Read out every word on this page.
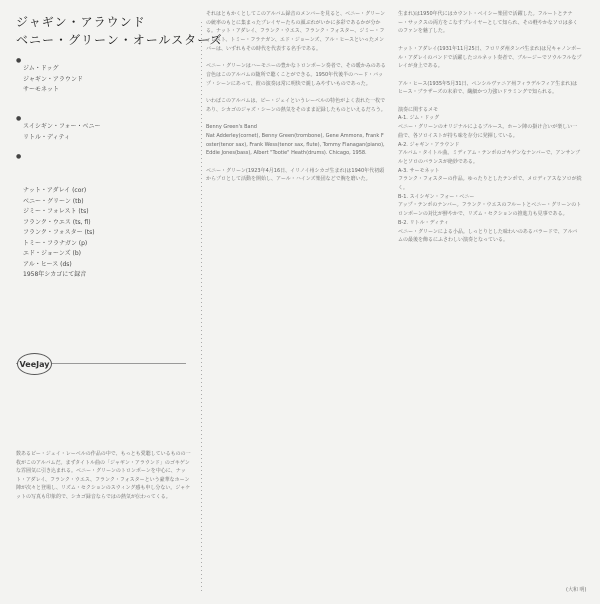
ジャギン・アラウンド
ベニー・グリーン・オールスターズ
●
ジム・ドッグ
ジャギン・アラウンド
サーモネット
●
スイシギン・フォー・ベニー
リトル・ディティ
●
ナット・アダレイ (cor)
ベニー・グリーン (tb)
ジミー・フォレスト (ts)
フランク・ウエス (ts, fl)
フランク・フォスター (ts)
トミー・フラナガン (p)
エド・ジョーンズ (b)
アル・ヒース (ds)
1958年シカゴにて録音
VeeJay
数あるビー・ジェイ・レーベルの作品の中で、もっとも愛聴しているものの一枚がこのアルバムだ。まずタイトル曲の「ジャギン・アラウンド」のゴキゲンな雰囲気に引き込まれる。ベニー・グリーンのトロンボーンを中心に、ナット・アダレイ、フランク・ウエス、フランク・フォスターという豪華なホーン陣が次々と登場し、リズム・セクションのスウィング感も申し分ない。ジャケットの写真も印象的で、シカゴ録音ならではの熱気が伝わってくる。

それはともかくとしてこのアルバム録音のメンバーを見ると、ベニー・グリーンの統率のもとに集まったプレイヤーたちの顔ぶれがいかに多彩であるかが分かる。ナット・アダレイ、フランク・ウエス、フランク・フォスター、ジミー・フォレスト、トミー・フラナガン、エド・ジョーンズ、アル・ヒースといったメンバーは、いずれもその時代を代表する名手である。

ベニー・グリーンはハーモニーの豊かなトロンボーン奏者で、その暖かみのある音色はこのアルバムの随所で聴くことができる。1950年代後半のハード・バップ・シーンにあって、彼の演奏は常に明快で親しみやすいものであった。

いわばこのアルバムは、ビー・ジェイというレーベルの特色がよく表れた一枚であり、シカゴのジャズ・シーンの熱気をそのまま記録したものといえるだろう。

Benny Green's Band
Nat Adderley(cornet), Benny Green(trombone), Gene Ammons, Frank Foster(tenor sax), Frank Wess(tenor sax, flute), Tommy Flanagan(piano), Eddie Jones(bass), Albert "Tootie" Heath(drums). Chicago, 1958.

ベニー・グリーン(1923年4月16日、イリノイ州シカゴ生まれ)は1940年代初頭からプロとして活動を開始し、アール・ハインズ楽団などで腕を磨いた。

生まれ)は1950年代にはカウント・ベイシー楽団で活躍した。フルートとテナー・サックスの両方をこなすプレイヤーとして知られ、その軽やかなソロは多くのファンを魅了した。

ナット・アダレイ(1931年11月25日、フロリダ州タンパ生まれ)は兄キャノンボール・アダレイのバンドで活躍したコルネット奏者で、ブルージーでソウルフルなプレイが身上である。

アル・ヒース(1935年5月31日、ペンシルヴァニア州フィラデルフィア生まれ)はヒース・ブラザーズの末弟で、繊細かつ力強いドラミングで知られる。

演奏に関するメモ
A-1. ジム・ドッグ
ベニー・グリーンのオリジナルによるブルース。ホーン陣の掛け合いが楽しい一曲で、各ソロイストが持ち味を存分に発揮している。
A-2. ジャギン・アラウンド
アルバム・タイトル曲。ミディアム・テンポのゴキゲンなナンバーで、アンサンブルとソロのバランスが絶妙である。
A-3. サーモネット
フランク・フォスターの作品。ゆったりとしたテンポで、メロディアスなソロが続く。
B-1. スイシギン・フォー・ベニー
アップ・テンポのナンバー。フランク・ウエスのフルートとベニー・グリーンのトロンボーンの対比が鮮やかで、リズム・セクションの推進力も見事である。
B-2. リトル・ディティ
ベニー・グリーンによる小品。しっとりとした味わいのあるバラードで、アルバムの最後を飾るにふさわしい演奏となっている。

(大和 明)
